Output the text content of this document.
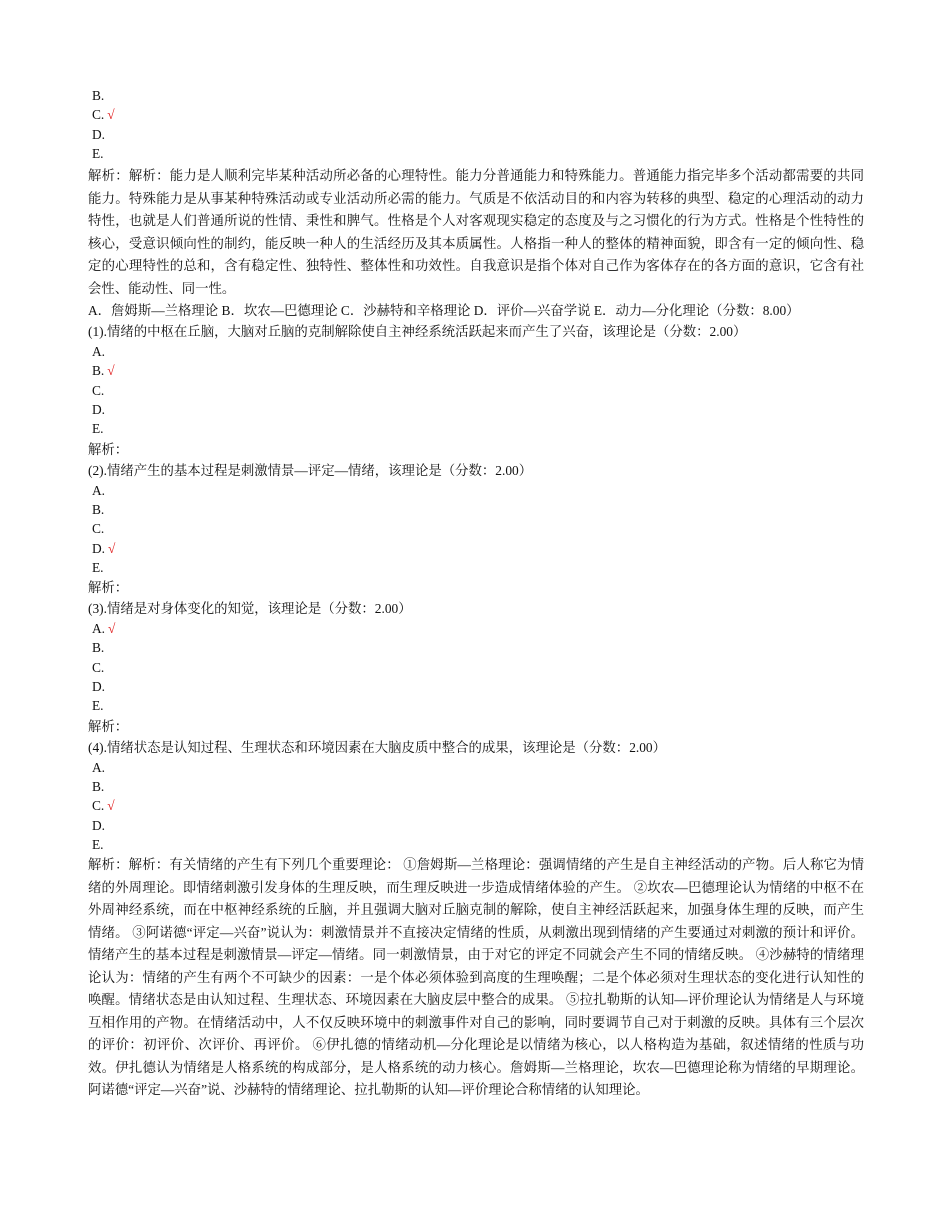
B.
C. √
D.
E.
解析：解析：能力是人顺利完毕某种活动所必备的心理特性。能力分普通能力和特殊能力。普通能力指完毕多个活动都需要的共同能力。特殊能力是从事某种特殊活动或专业活动所必需的能力。气质是不依活动目的和内容为转移的典型、稳定的心理活动的动力特性，也就是人们普通所说的性情、秉性和脾气。性格是个人对客观现实稳定的态度及与之习惯化的行为方式。性格是个性特性的核心，受意识倾向性的制约，能反映一种人的生活经历及其本质属性。人格指一种人的整体的精神面貌，即含有一定的倾向性、稳定的心理特性的总和，含有稳定性、独特性、整体性和功效性。自我意识是指个体对自己作为客体存在的各方面的意识，它含有社会性、能动性、同一性。
A．詹姆斯—兰格理论 B．坎农—巴德理论 C．沙赫特和辛格理论 D．评价—兴奋学说 E．动力—分化理论（分数：8.00）
(1).情绪的中枢在丘脑，大脑对丘脑的克制解除使自主神经系统活跃起来而产生了兴奋，该理论是（分数：2.00）
A.
B. √
C.
D.
E.
解析：
(2).情绪产生的基本过程是刺激情景—评定—情绪，该理论是（分数：2.00）
A.
B.
C.
D. √
E.
解析：
(3).情绪是对身体变化的知觉，该理论是（分数：2.00）
A. √
B.
C.
D.
E.
解析：
(4).情绪状态是认知过程、生理状态和环境因素在大脑皮质中整合的成果，该理论是（分数：2.00）
A.
B.
C. √
D.
E.
解析：解析：有关情绪的产生有下列几个重要理论： ①詹姆斯—兰格理论：强调情绪的产生是自主神经活动的产物。后人称它为情绪的外周理论。即情绪刺激引发身体的生理反映，而生理反映进一步造成情绪体验的产生。 ②坎农—巴德理论认为情绪的中枢不在外周神经系统，而在中枢神经系统的丘脑，并且强调大脑对丘脑克制的解除，使自主神经活跃起来，加强身体生理的反映，而产生情绪。 ③阿诺德“评定—兴奋”说认为：刺激情景并不直接决定情绪的性质，从刺激出现到情绪的产生要通过对刺激的预计和评价。情绪产生的基本过程是刺激情景—评定—情绪。同一刺激情景，由于对它的评定不同就会产生不同的情绪反映。 ④沙赫特的情绪理论认为：情绪的产生有两个不可缺少的因素：一是个体必须体验到高度的生理唤醒；二是个体必须对生理状态的变化进行认知性的唤醒。情绪状态是由认知过程、生理状态、环境因素在大脑皮层中整合的成果。 ⑤拉扎勒斯的认知—评价理论认为情绪是人与环境互相作用的产物。在情绪活动中，人不仅反映环境中的刺激事件对自己的影响，同时要调节自己对于刺激的反映。具体有三个层次的评价：初评价、次评价、再评价。 ⑥伊扎德的情绪动机—分化理论是以情绪为核心，以人格构造为基础，叙述情绪的性质与功效。伊扎德认为情绪是人格系统的构成部分，是人格系统的动力核心。詹姆斯—兰格理论，坎农—巴德理论称为情绪的早期理论。阿诺德“评定—兴奋”说、沙赫特的情绪理论、拉扎勒斯的认知—评价理论合称情绪的认知理论。
